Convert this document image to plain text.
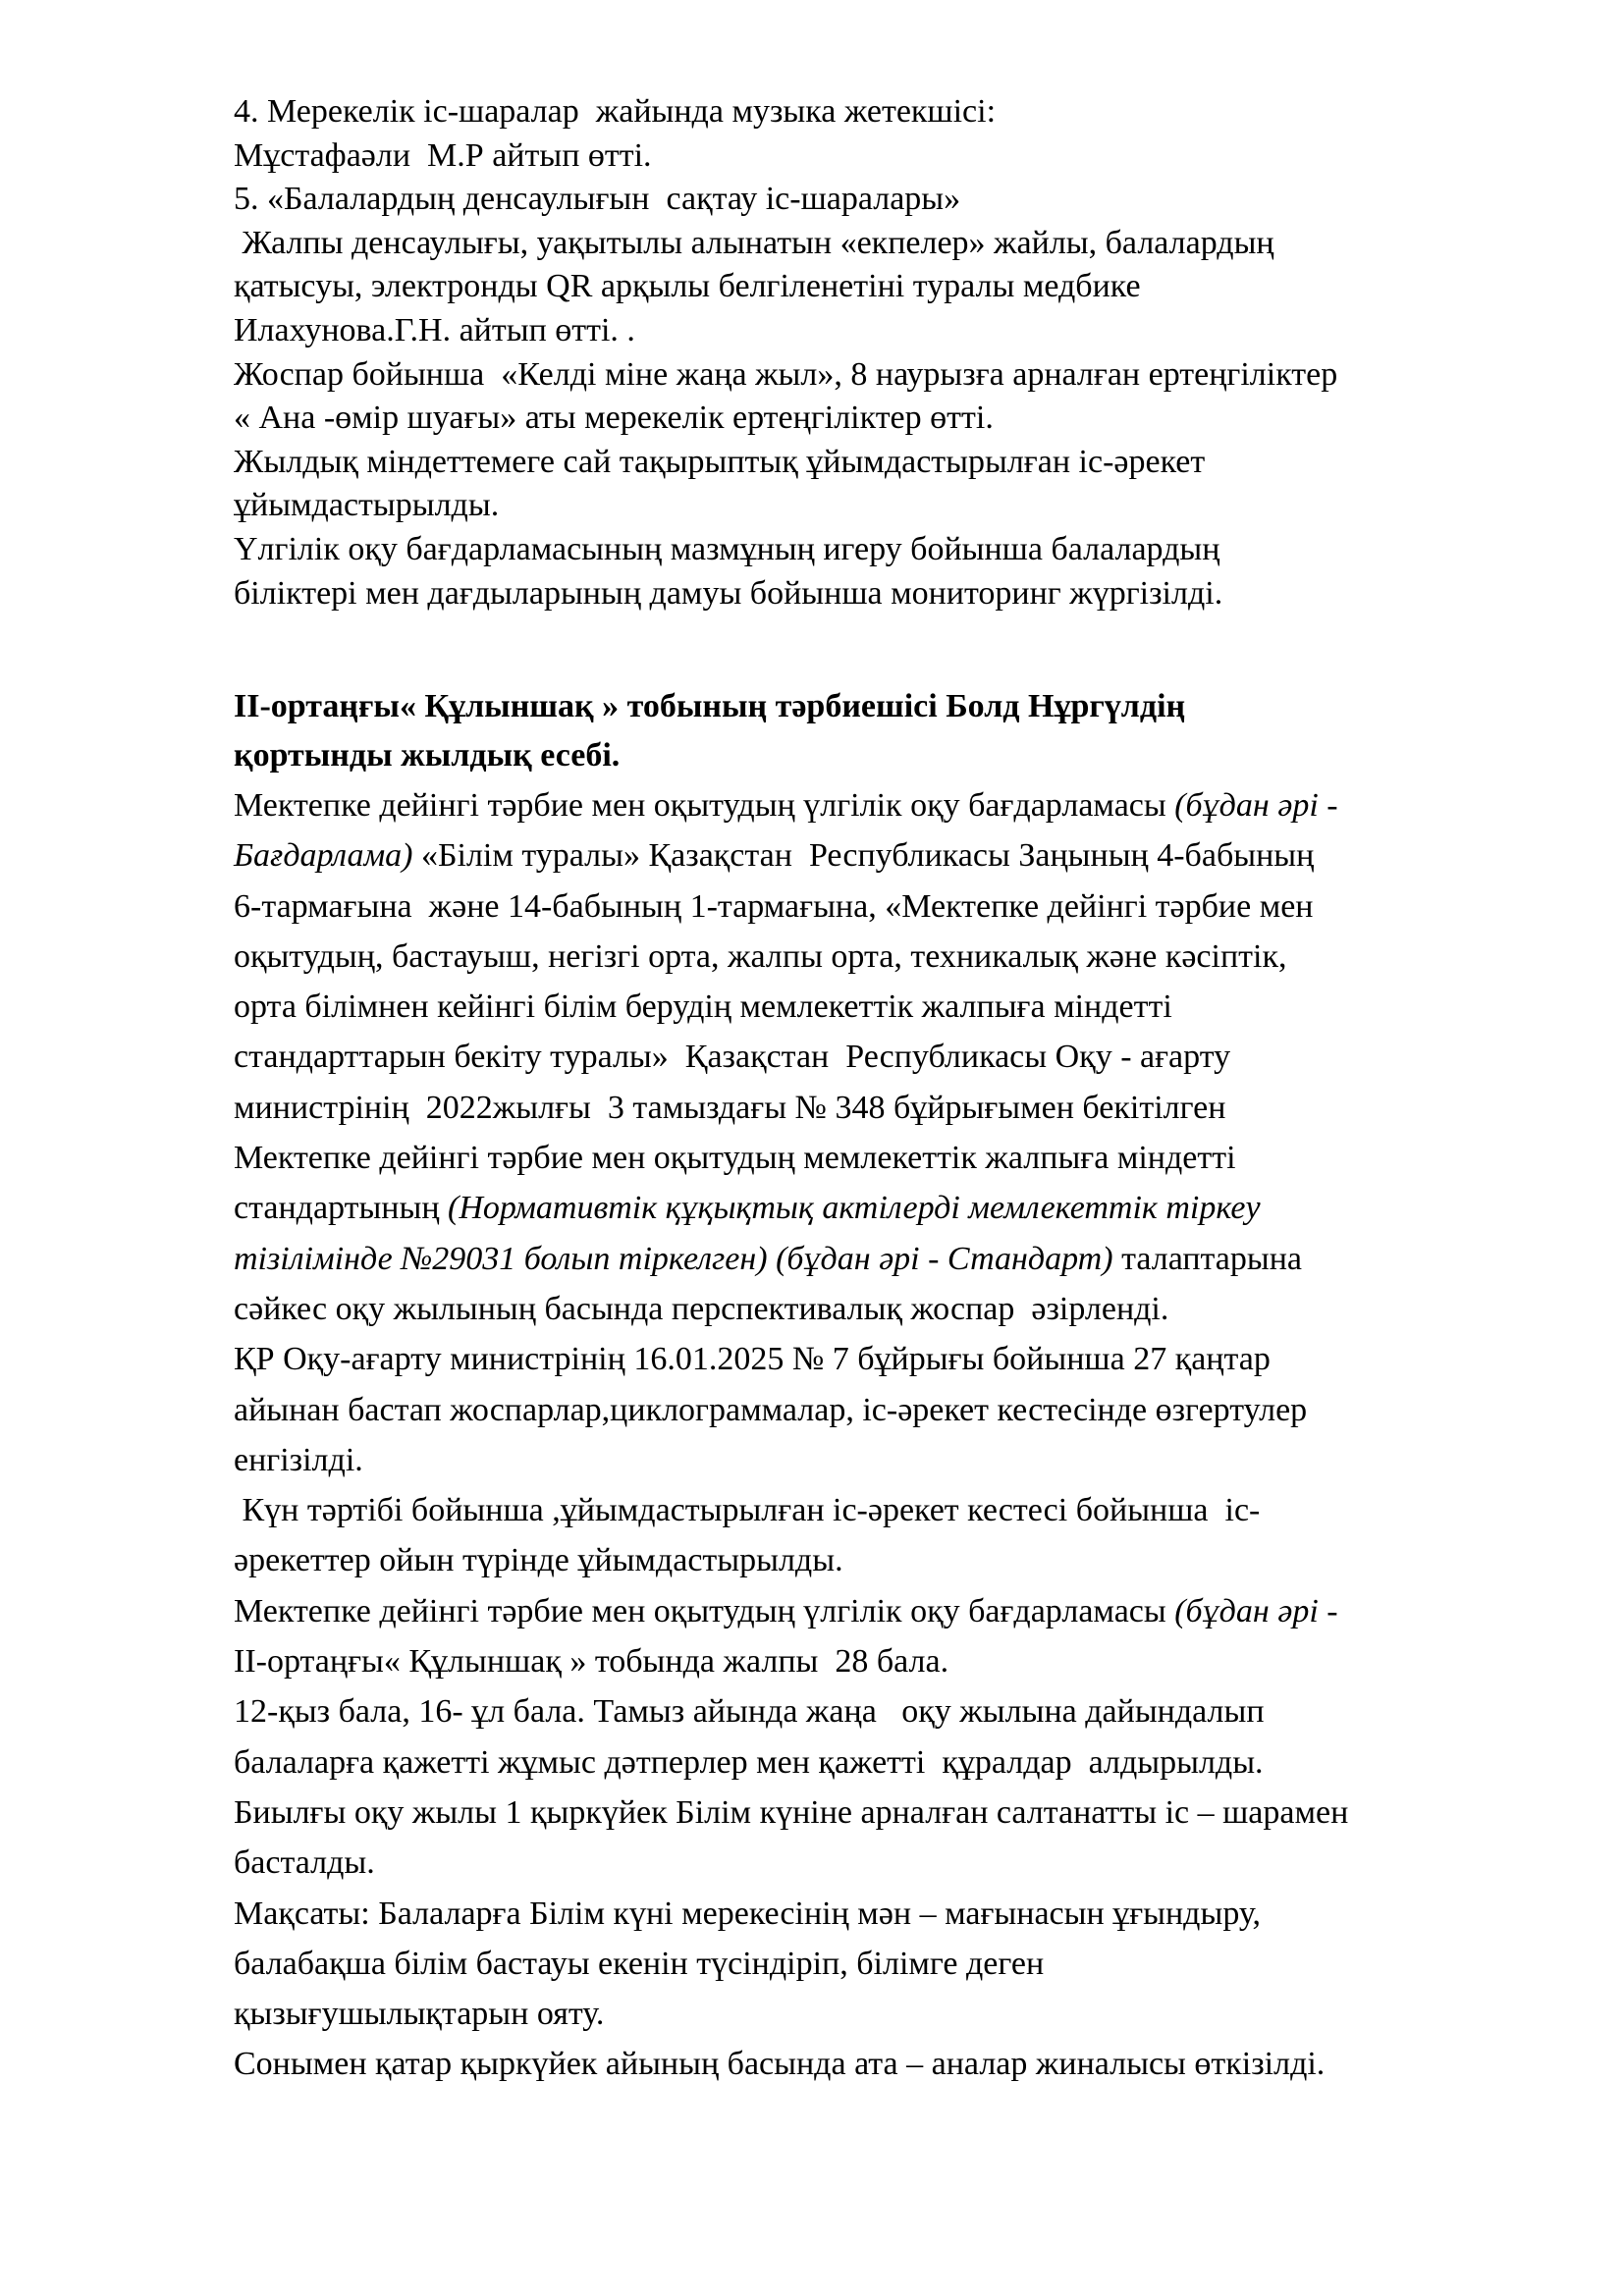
4. Мерекелік іс-шаралар  жайында музыка жетекшісі:
Мұстафаәли  М.Р айтып өтті.
5. «Балалардың денсаулығын  сақтау іс-шаралары»
Жалпы денсаулығы, уақытылы алынатын «екпелер» жайлы, балалардың
қатысуы, электронды QR арқылы белгіленетіні туралы медбике
Илахунова.Г.Н. айтып өтті. .
Жоспар бойынша  «Келді міне жаңа жыл», 8 наурызға арналған ертеңгіліктер
« Ана -өмір шуағы» аты мерекелік ертеңгіліктер өтті.
Жылдық міндеттемеге сай тақырыптық ұйымдастырылған іс-әрекет
ұйымдастырылды.
Үлгілік оқу бағдарламасының мазмұның игеру бойынша балалардың
біліктері мен дағдыларының дамуы бойынша мониторинг жүргізілді.
ІІ-ортаңғы« Құлыншақ » тобының тәрбиешісі Болд Нұргүлдің
қортынды жылдық есебі.
Мектепке дейінгі тәрбие мен оқытудың үлгілік оқу бағдарламасы (бұдан әрі -
Бағдарлама) «Білім туралы» Қазақстан  Республикасы Заңының 4-бабының
6-тармағына  және 14-бабының 1-тармағына, «Мектепке дейінгі тәрбие мен
оқытудың, бастауыш, негізгі орта, жалпы орта, техникалық және кәсіптік,
орта білімнен кейінгі білім берудің мемлекеттік жалпыға міндетті
стандарттарын бекіту туралы»  Қазақстан  Республикасы Оқу - ағарту
министрінің  2022жылғы  3 тамыздағы № 348 бұйрығымен бекітілген
Мектепке дейінгі тәрбие мен оқытудың мемлекеттік жалпыға міндетті
стандартының (Нормативтік құқықтық актілерді мемлекеттік тіркеу
тізілімінде №29031 болып тіркелген) (бұдан әрі - Стандарт) талаптарына
сәйкес оқу жылының басында перспективалық жоспар  әзірленді.
ҚР Оқу-ағарту министрінің 16.01.2025 № 7 бұйрығы бойынша 27 қаңтар
айынан бастап жоспарлар,циклограммалар, іс-әрекет кестесінде өзгертулер
енгізілді.
Күн тәртібі бойынша ,ұйымдастырылған іс-әрекет кестесі бойынша  іс-
әрекеттер ойын түрінде ұйымдастырылды.
Мектепке дейінгі тәрбие мен оқытудың үлгілік оқу бағдарламасы (бұдан әрі -
ІІ-ортаңғы« Құлыншақ » тобында жалпы  28 бала.
12-қыз бала, 16- ұл бала. Тамыз айында жаңа   оқу жылына дайындалып
балаларға қажетті жұмыс дәтперлер мен қажетті  құралдар  алдырылды.
Биылғы оқу жылы 1 қыркүйек Білім күніне арналған салтанатты іс – шарамен
басталды.
Мақсаты: Балаларға Білім күні мерекесінің мән – мағынасын ұғындыру,
балабақша білім бастауы екенін түсіндіріп, білімге деген
қызығушылықтарын ояту.
Сонымен қатар қыркүйек айының басында ата – аналар жиналысы өткізілді.
